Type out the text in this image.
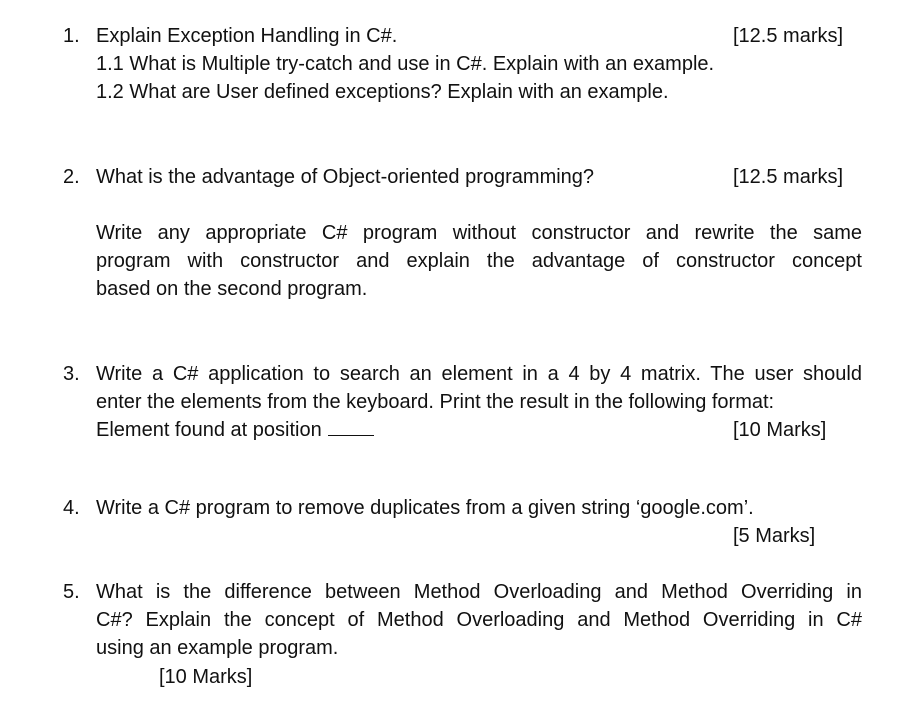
1. Explain Exception Handling in C#.	[12.5 marks]
1.1 What is Multiple try-catch and use in C#. Explain with an example.
1.2 What are User defined exceptions? Explain with an example.
2. What is the advantage of Object-oriented programming?	[12.5 marks]
Write any appropriate C# program without constructor and rewrite the same
program with constructor and explain the advantage of constructor concept
based on the second program.
3. Write a C# application to search an element in a 4 by 4 matrix. The user should
enter the elements from the keyboard. Print the result in the following format:
Element found at position	[10 Marks]
4. Write a C# program to remove duplicates from a given string ‘google.com’.
[5 Marks]
5. What is the difference between Method Overloading and Method Overriding in
C#? Explain the concept of Method Overloading and Method Overriding in C#
using an example program.
[10 Marks]
